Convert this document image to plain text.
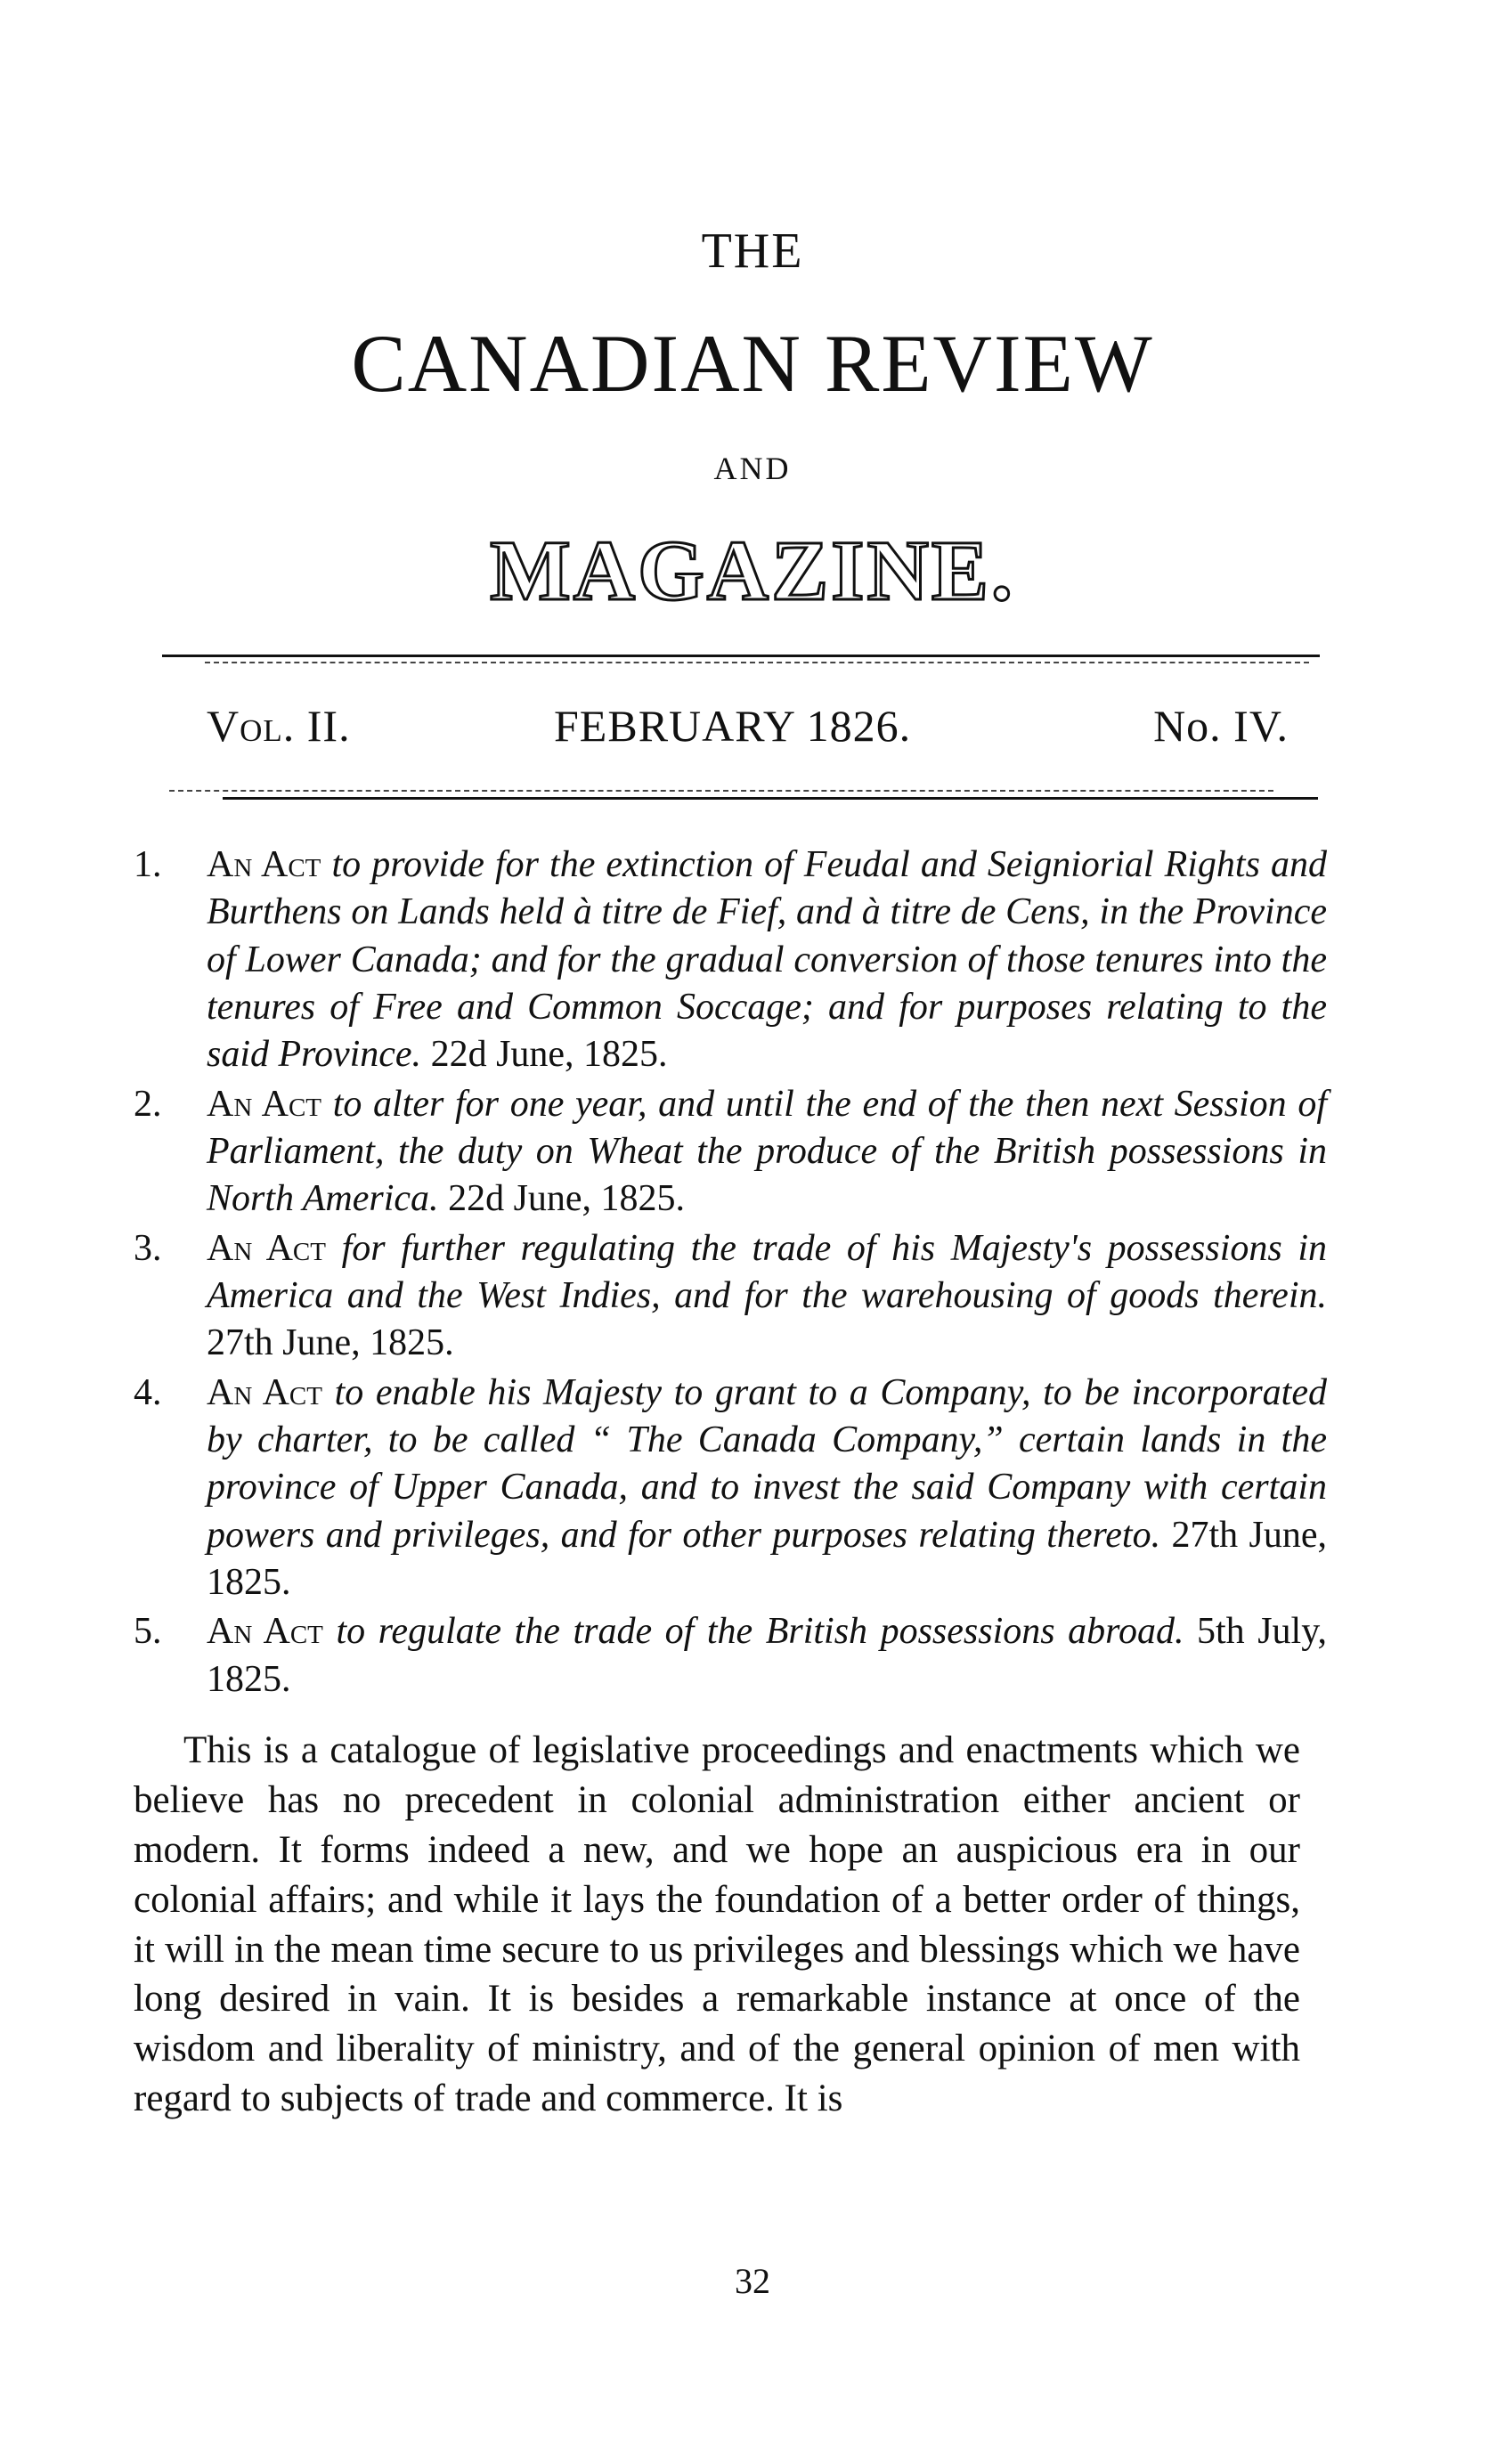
THE
CANADIAN REVIEW
AND
MAGAZINE.
Vol. II.	FEBRUARY 1826.	No. IV.
1. An Act to provide for the extinction of Feudal and Seigniorial Rights and Burthens on Lands held à titre de Fief, and à titre de Cens, in the Province of Lower Canada; and for the gradual conversion of those tenures into the tenures of Free and Common Soccage; and for purposes relating to the said Province. 22d June, 1825.
2. An Act to alter for one year, and until the end of the then next Session of Parliament, the duty on Wheat the produce of the British possessions in North America. 22d June, 1825.
3. An Act for further regulating the trade of his Majesty's possessions in America and the West Indies, and for the warehousing of goods therein. 27th June, 1825.
4. An Act to enable his Majesty to grant to a Company, to be incorporated by charter, to be called “ The Canada Company,” certain lands in the province of Upper Canada, and to invest the said Company with certain powers and privileges, and for other purposes relating thereto. 27th June, 1825.
5. An Act to regulate the trade of the British possessions abroad. 5th July, 1825.

This is a catalogue of legislative proceedings and enactments which we believe has no precedent in colonial administration either ancient or modern. It forms indeed a new, and we hope an auspicious era in our colonial affairs; and while it lays the foundation of a better order of things, it will in the mean time secure to us privileges and blessings which we have long desired in vain. It is besides a remarkable instance at once of the wisdom and liberality of ministry, and of the general opinion of men with regard to subjects of trade and commerce. It is

32
